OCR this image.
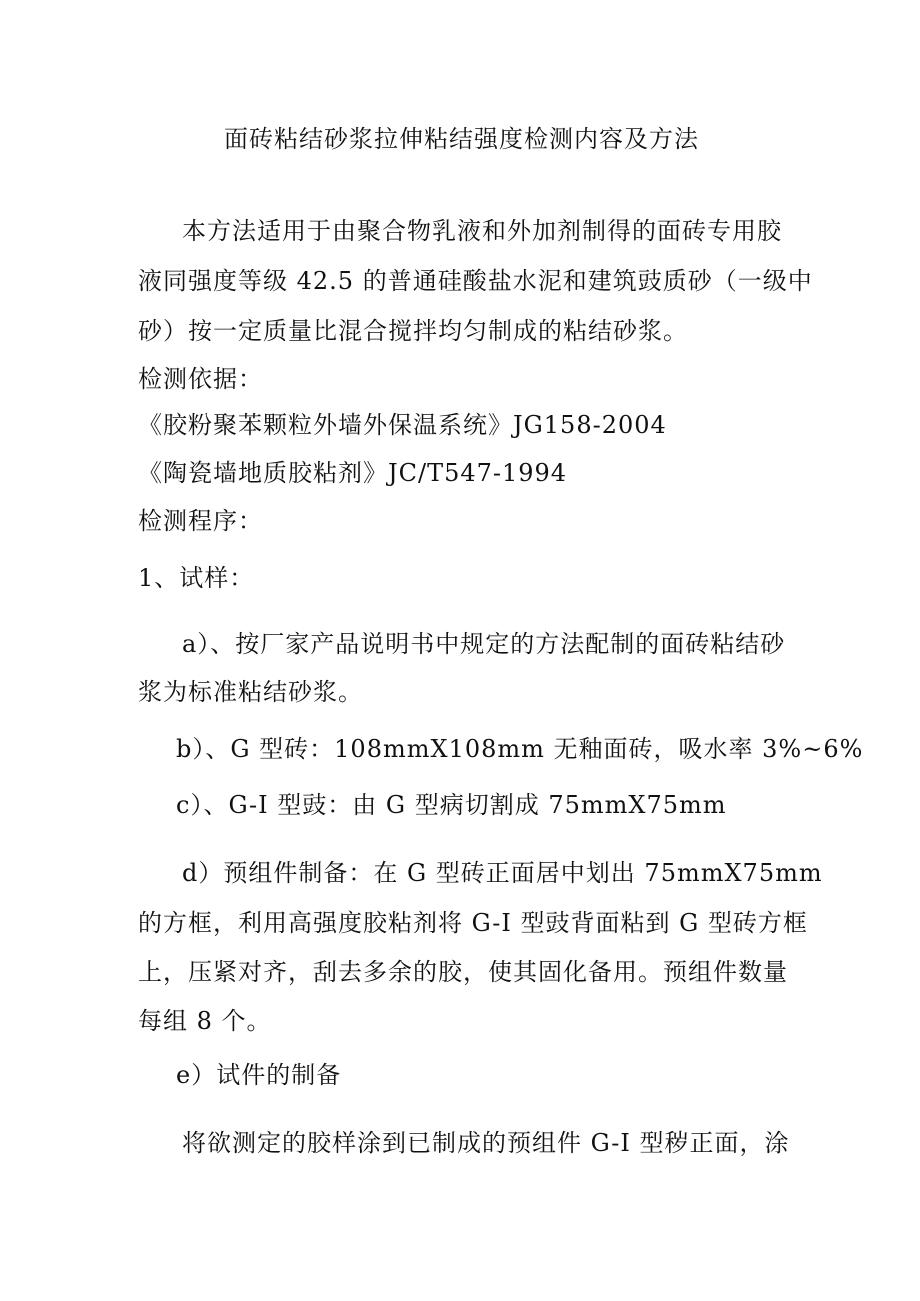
面砖粘结砂浆拉伸粘结强度检测内容及方法
本方法适用于由聚合物乳液和外加剂制得的面砖专用胶
液同强度等级 42.5 的普通硅酸盐水泥和建筑豉质砂（一级中
砂）按一定质量比混合搅拌均匀制成的粘结砂浆。
检测依据：
《胶粉聚苯颗粒外墙外保温系统》JG158-2004
《陶瓷墙地质胶粘剂》JC/T547-1994
检测程序：
1、试样：
a）、按厂家产品说明书中规定的方法配制的面砖粘结砂
浆为标准粘结砂浆。
b）、G 型砖：108mmX108mm 无釉面砖，吸水率 3%~6%
c）、G-I 型豉：由 G 型病切割成 75mmX75mm
d）预组件制备：在 G 型砖正面居中划出 75mmX75mm
的方框，利用高强度胶粘剂将 G-I 型豉背面粘到 G 型砖方框
上，压紧对齐，刮去多余的胶，使其固化备用。预组件数量
每组 8 个。
e）试件的制备
将欲测定的胶样涂到已制成的预组件 G-I 型秽正面，涂
